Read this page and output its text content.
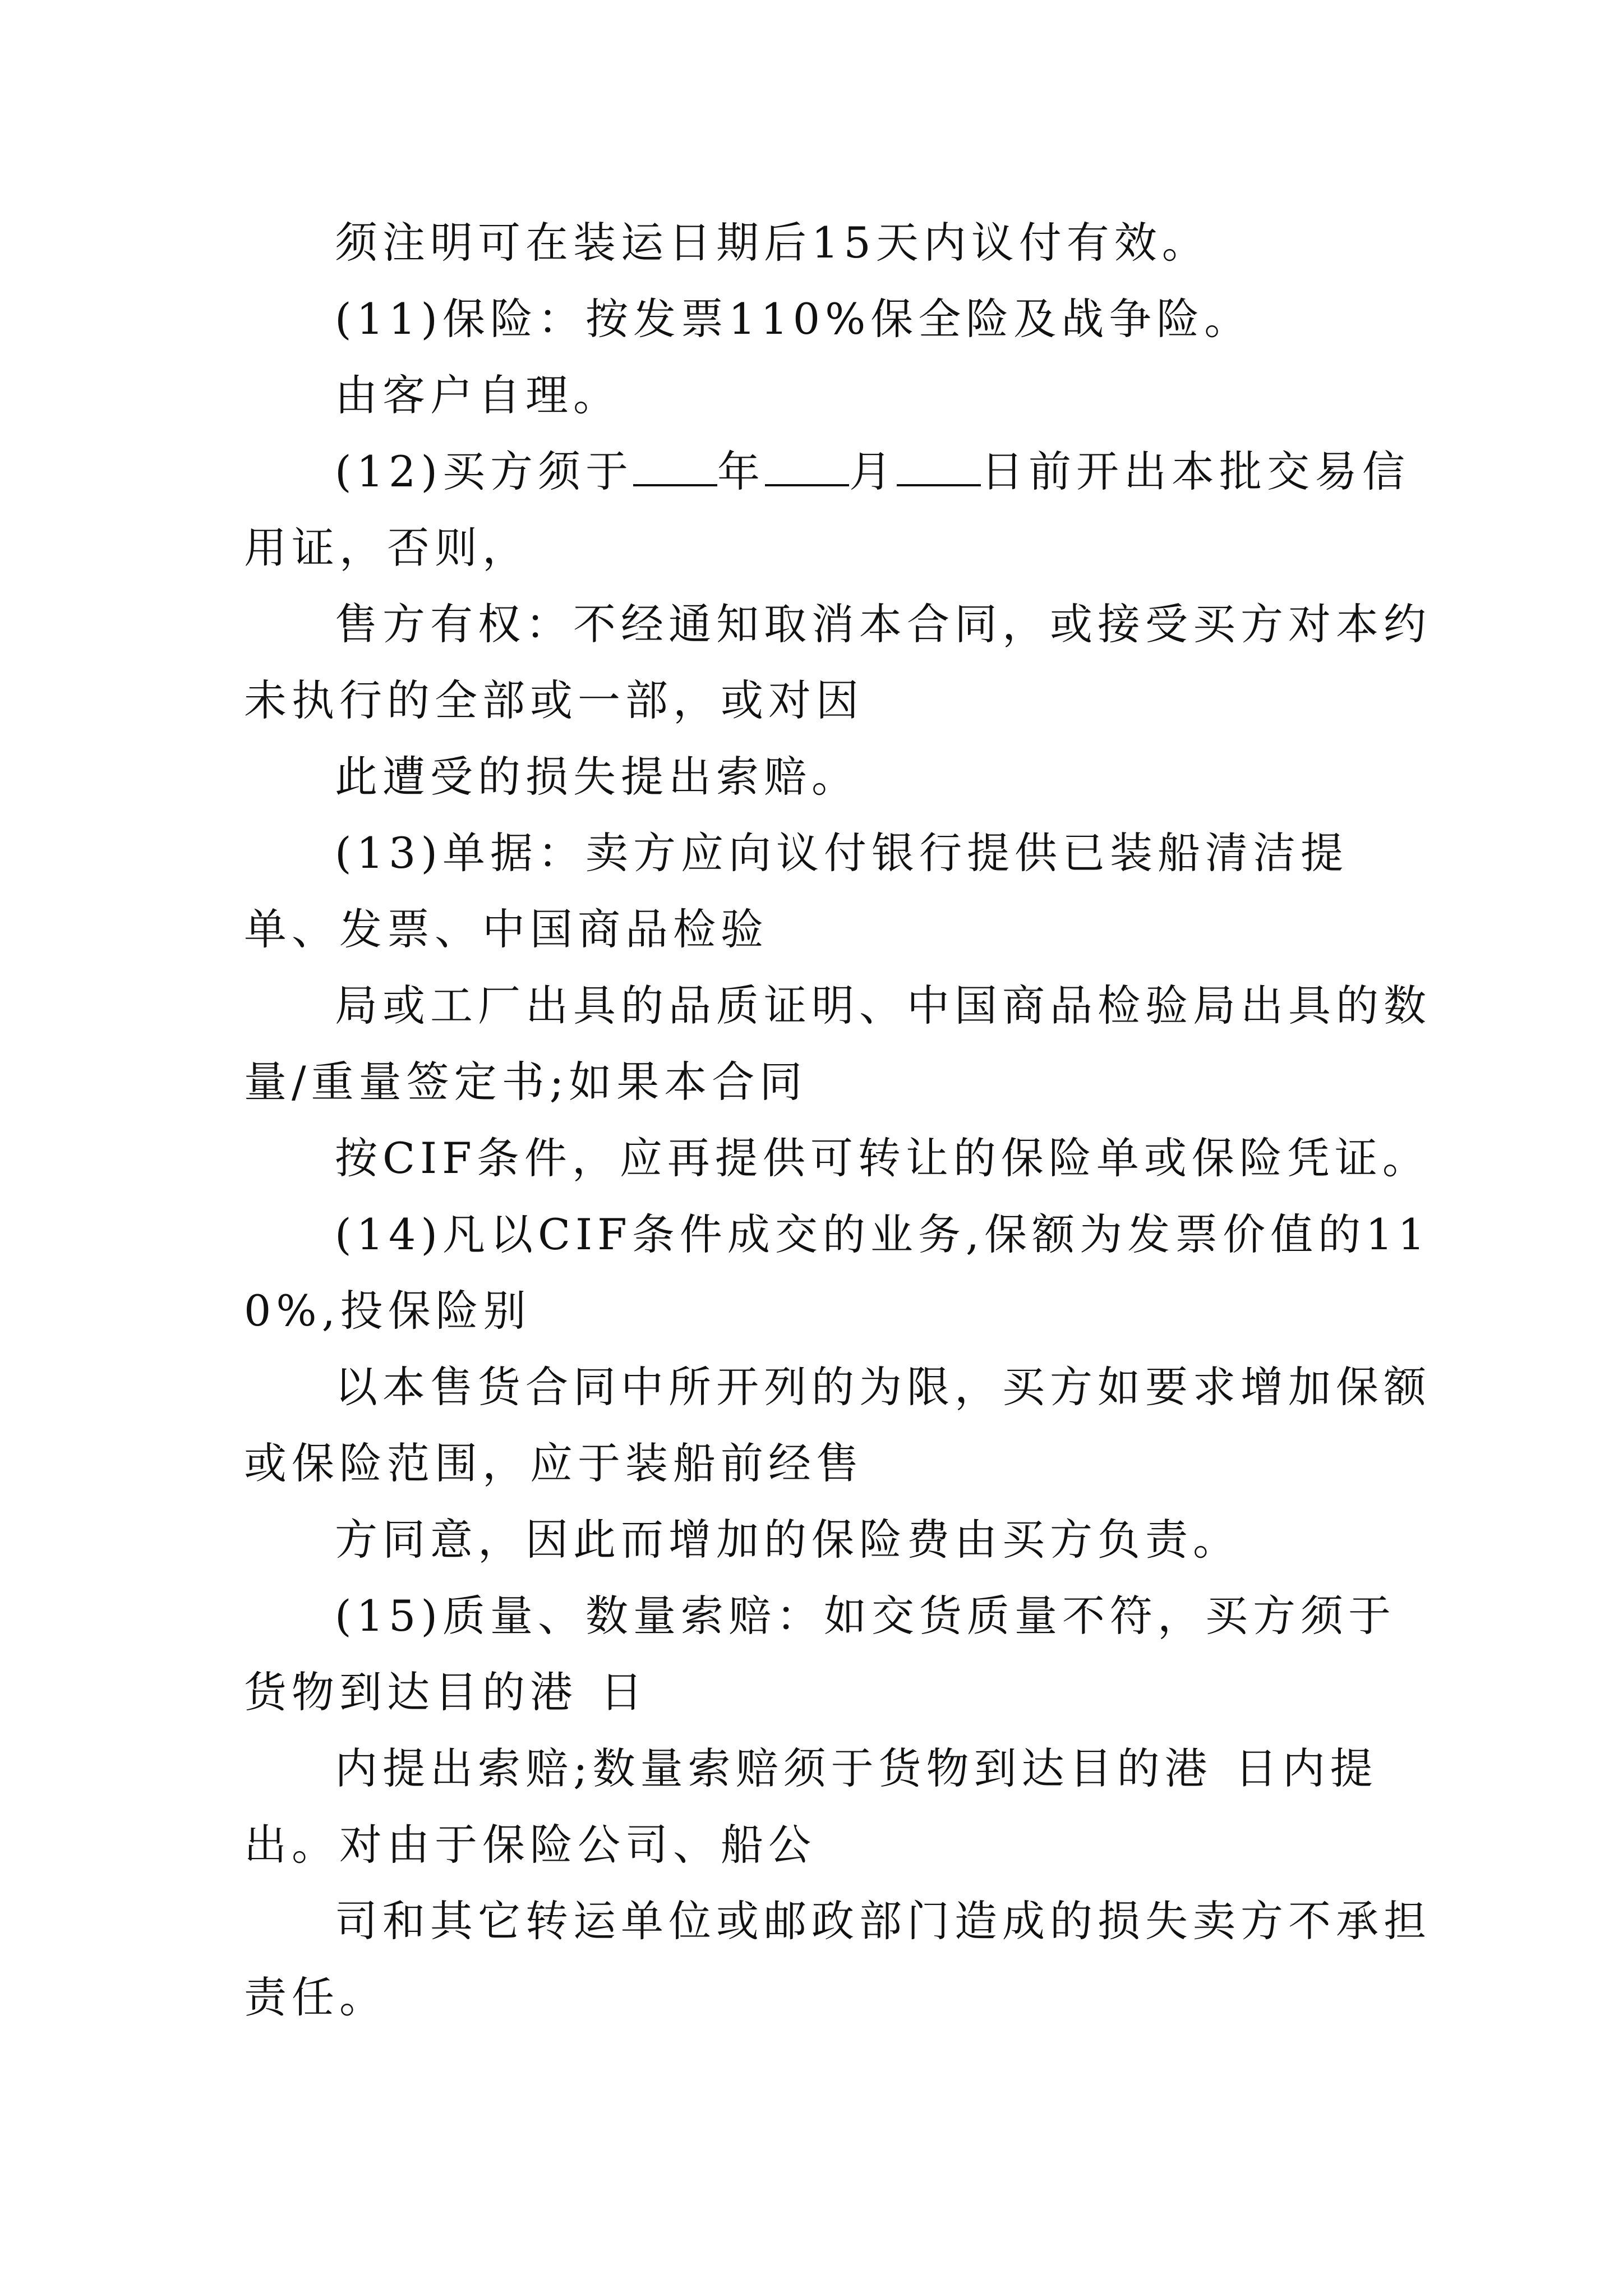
须注明可在装运日期后15天内议付有效。

(11)保险：按发票110%保全险及战争险。

由客户自理。

(12)买方须于 年 月 日前开出本批交易信用证，否则，

售方有权：不经通知取消本合同，或接受买方对本约未执行的全部或一部，或对因

此遭受的损失提出索赔。

(13)单据：卖方应向议付银行提供已装船清洁提单、发票、中国商品检验

局或工厂出具的品质证明、中国商品检验局出具的数量/重量签定书;如果本合同

按CIF条件，应再提供可转让的保险单或保险凭证。

(14)凡以CIF条件成交的业务,保额为发票价值的110%,投保险别

以本售货合同中所开列的为限，买方如要求增加保额或保险范围，应于装船前经售

方同意，因此而增加的保险费由买方负责。

(15)质量、数量索赔：如交货质量不符，买方须于货物到达目的港 日

内提出索赔;数量索赔须于货物到达目的港 日内提出。对由于保险公司、船公

司和其它转运单位或邮政部门造成的损失卖方不承担责任。
